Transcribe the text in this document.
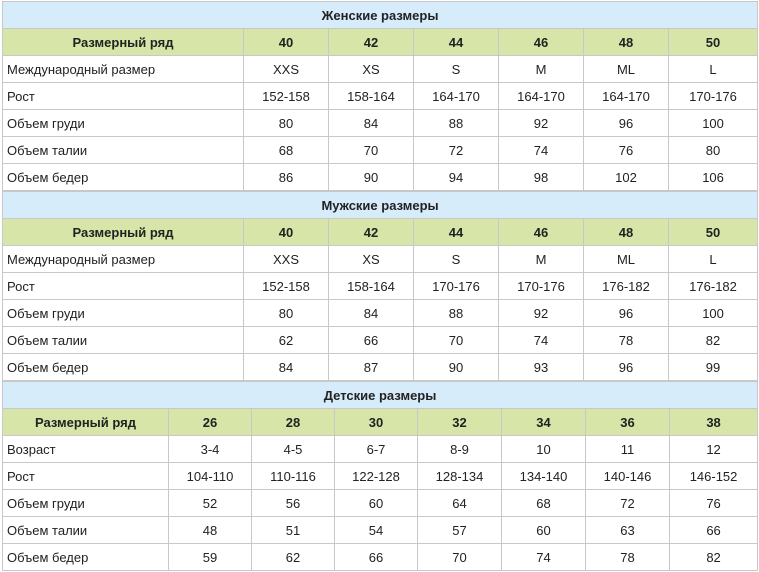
Женские размеры						
Размерный ряд	40	42	44	46	48	50
Международный размер	XXS	XS	S	M	ML	L
Рост	152-158	158-164	164-170	164-170	164-170	170-176
Объем груди	80	84	88	92	96	100
Объем талии	68	70	72	74	76	80
Объем бедер	86	90	94	98	102	106
Мужские размеры						
Размерный ряд	40	42	44	46	48	50
Международный размер	XXS	XS	S	M	ML	L
Рост	152-158	158-164	170-176	170-176	176-182	176-182
Объем груди	80	84	88	92	96	100
Объем талии	62	66	70	74	78	82
Объем бедер	84	87	90	93	96	99
Детские размеры							
Размерный ряд	26	28	30	32	34	36	38
Возраст	3-4	4-5	6-7	8-9	10	11	12
Рост	104-110	110-116	122-128	128-134	134-140	140-146	146-152
Объем груди	52	56	60	64	68	72	76
Объем талии	48	51	54	57	60	63	66
Объем бедер	59	62	66	70	74	78	82
